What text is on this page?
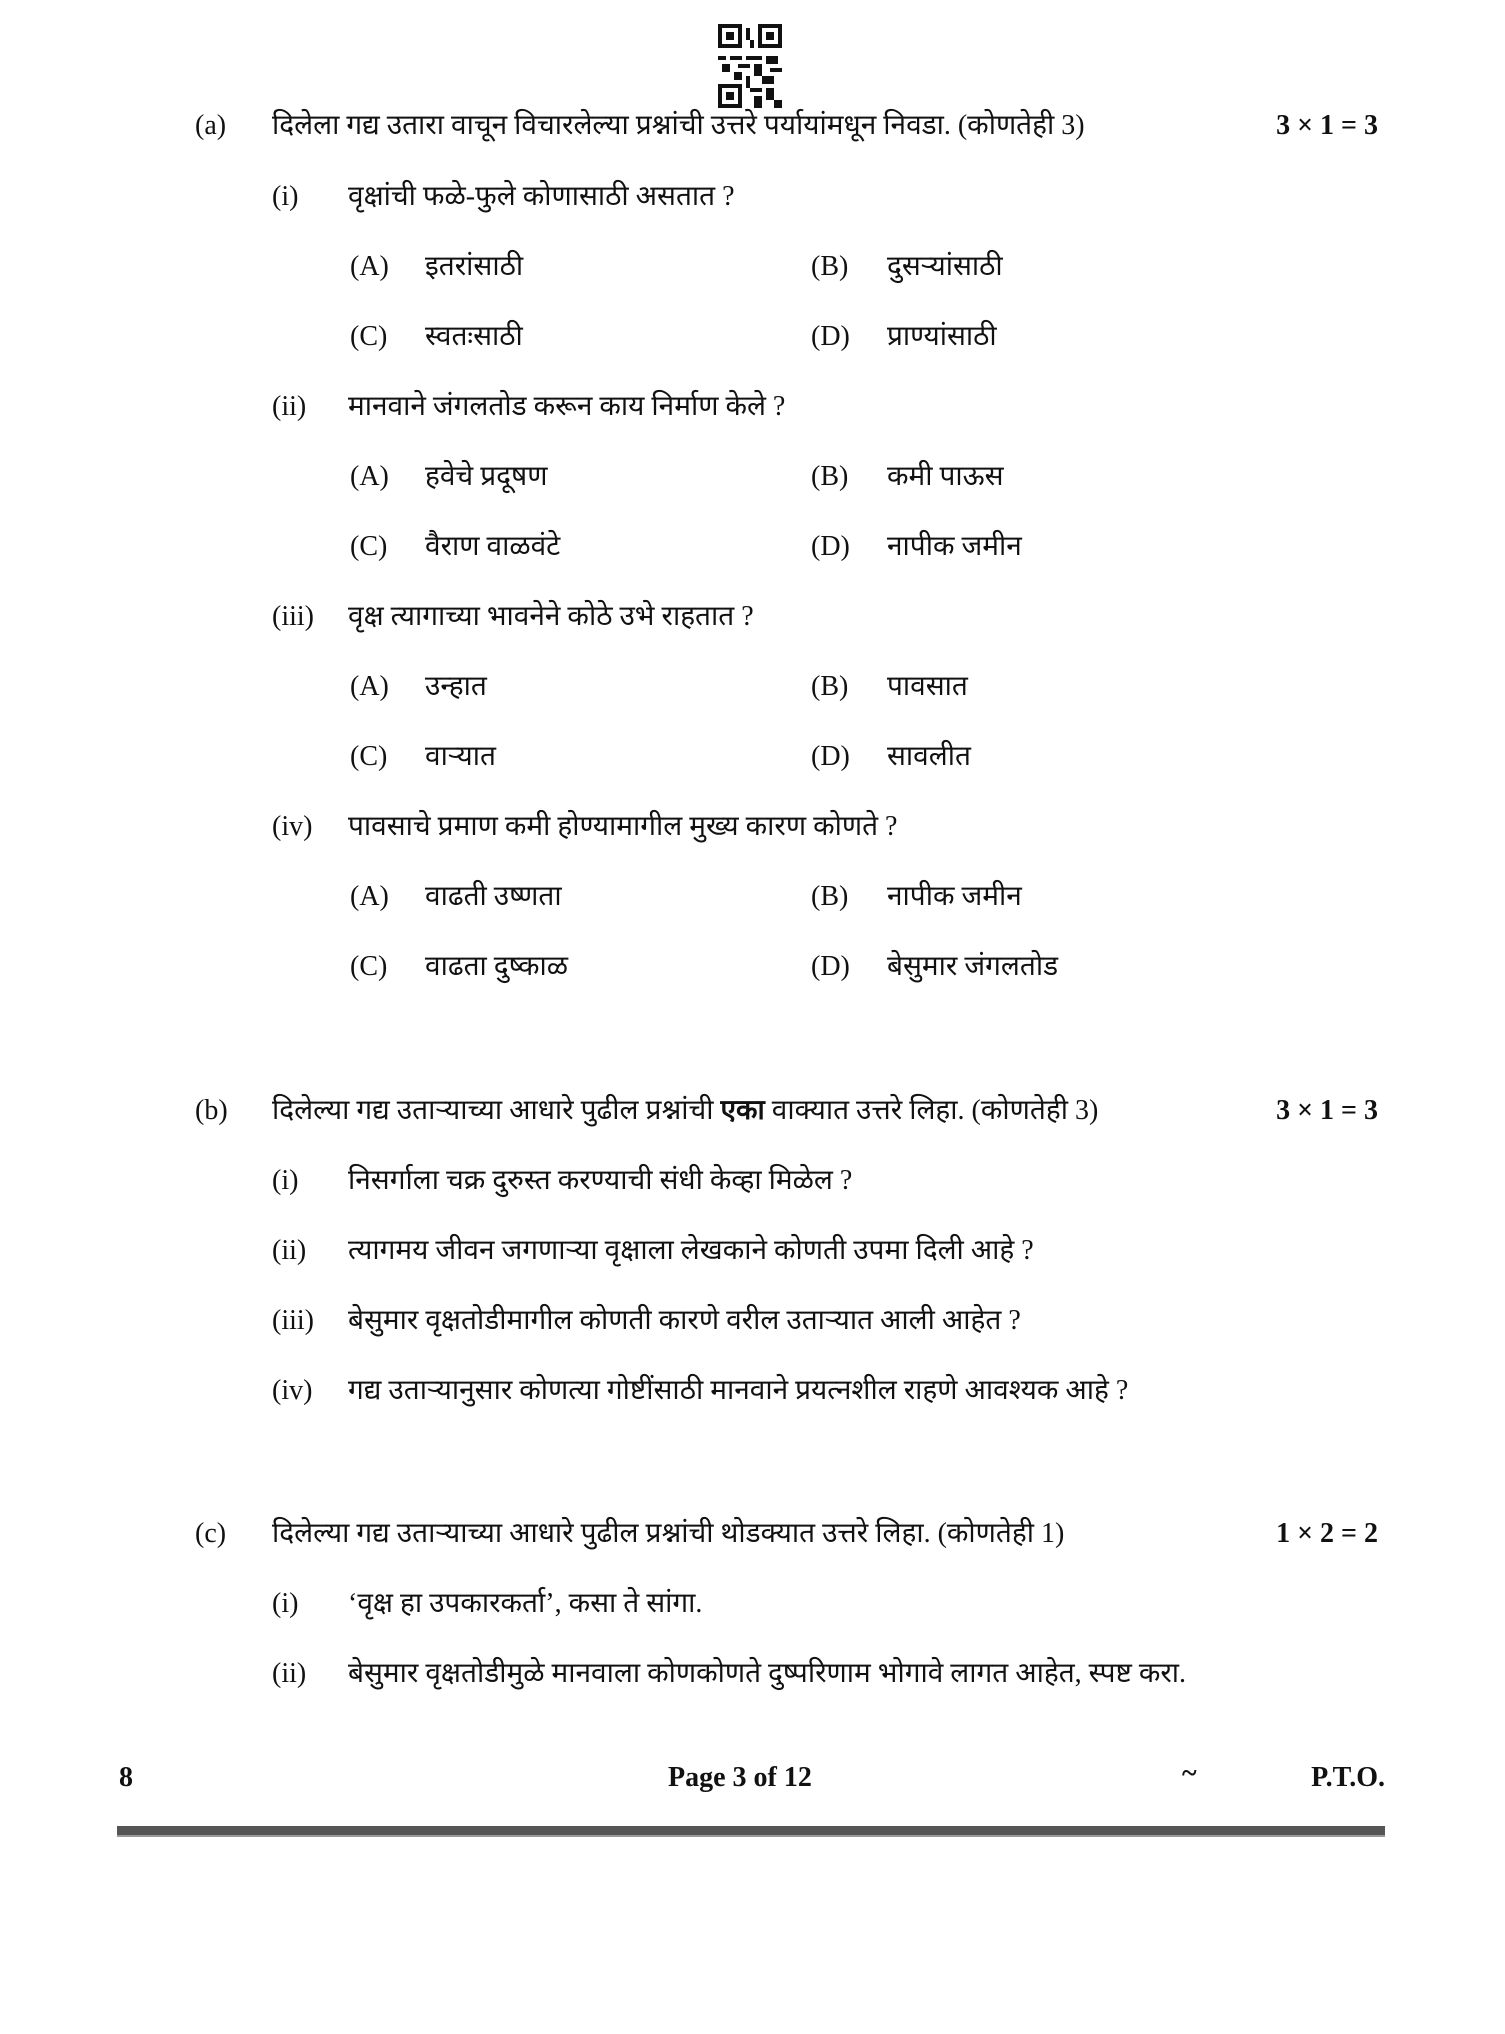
(a) दिलेला गद्य उतारा वाचून विचारलेल्या प्रश्नांची उत्तरे पर्यायांमधून निवडा. (कोणतेही 3)	3 × 1 = 3
(i) वृक्षांची फळे-फुले कोणासाठी असतात ?
(A) इतरांसाठी	(B) दुसऱ्यांसाठी
(C) स्वतःसाठी	(D) प्राण्यांसाठी
(ii) मानवाने जंगलतोड करून काय निर्माण केले ?
(A) हवेचे प्रदूषण	(B) कमी पाऊस
(C) वैराण वाळवंटे	(D) नापीक जमीन
(iii) वृक्ष त्यागाच्या भावनेने कोठे उभे राहतात ?
(A) उन्हात	(B) पावसात
(C) वाऱ्यात	(D) सावलीत
(iv) पावसाचे प्रमाण कमी होण्यामागील मुख्य कारण कोणते ?
(A) वाढती उष्णता	(B) नापीक जमीन
(C) वाढता दुष्काळ	(D) बेसुमार जंगलतोड
(i) निसर्गाला चक्र दुरुस्त करण्याची संधी केव्हा मिळेल ?
(ii) त्यागमय जीवन जगणाऱ्या वृक्षाला लेखकाने कोणती उपमा दिली आहे ?
(iii) बेसुमार वृक्षतोडीमागील कोणती कारणे वरील उताऱ्यात आली आहेत ?
(iv) गद्य उताऱ्यानुसार कोणत्या गोष्टींसाठी मानवाने प्रयत्नशील राहणे आवश्यक आहे ?
(i) ‘वृक्ष हा उपकारकर्ता’, कसा ते सांगा.
(ii) बेसुमार वृक्षतोडीमुळे मानवाला कोणकोणते दुष्परिणाम भोगावे लागत आहेत, स्पष्ट करा.
(b) दिलेल्या गद्य उताऱ्याच्या आधारे पुढील प्रश्नांची एका वाक्यात उत्तरे लिहा. (कोणतेही 3)	3 × 1 = 3
(c) दिलेल्या गद्य उताऱ्याच्या आधारे पुढील प्रश्नांची थोडक्यात उत्तरे लिहा. (कोणतेही 1)	1 × 2 = 2
8	Page 3 of 12	~	P.T.O.
